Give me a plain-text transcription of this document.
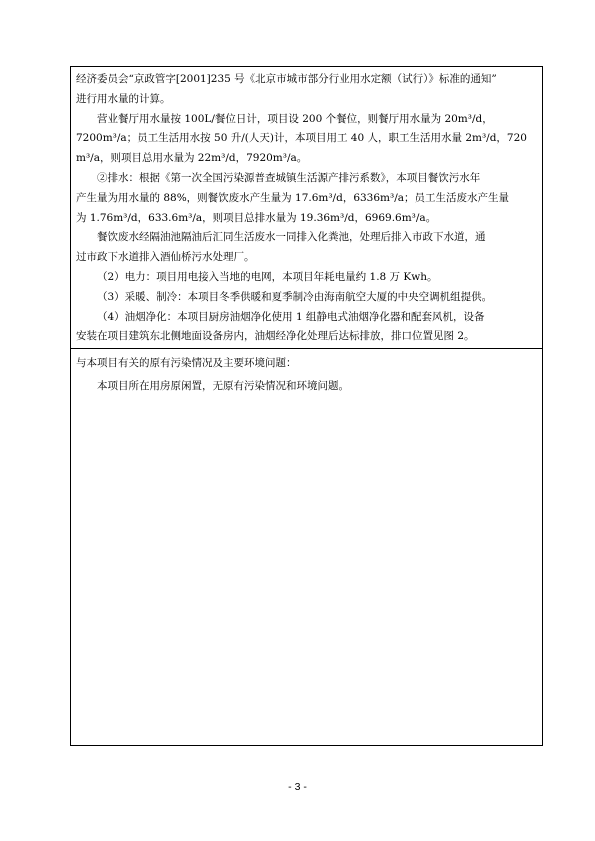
经济委员会“京政管字[2001]235 号《北京市城市部分行业用水定额（试行）》标准的通知”
进行用水量的计算。
营业餐厅用水量按 100L/餐位日计，项目设 200 个餐位，则餐厅用水量为 20m³/d，
7200m³/a；员工生活用水按 50 升/(人天)计，本项目用工 40 人，职工生活用水量 2m³/d，720
m³/a，则项目总用水量为 22m³/d，7920m³/a。
②排水：根据《第一次全国污染源普查城镇生活源产排污系数》，本项目餐饮污水年
产生量为用水量的 88%，则餐饮废水产生量为 17.6m³/d，6336m³/a；员工生活废水产生量
为 1.76m³/d，633.6m³/a，则项目总排水量为 19.36m³/d，6969.6m³/a。
餐饮废水经隔油池隔油后汇同生活废水一同排入化粪池，处理后排入市政下水道，通
过市政下水道排入酒仙桥污水处理厂。
（2）电力：项目用电接入当地的电网，本项目年耗电量约 1.8 万 Kwh。
（3）采暖、制冷：本项目冬季供暖和夏季制冷由海南航空大厦的中央空调机组提供。
（4）油烟净化：本项目厨房油烟净化使用 1 组静电式油烟净化器和配套风机，设备
安装在项目建筑东北侧地面设备房内，油烟经净化处理后达标排放，排口位置见图 2。
与本项目有关的原有污染情况及主要环境问题：
本项目所在用房原闲置，无原有污染情况和环境问题。
- 3 -
